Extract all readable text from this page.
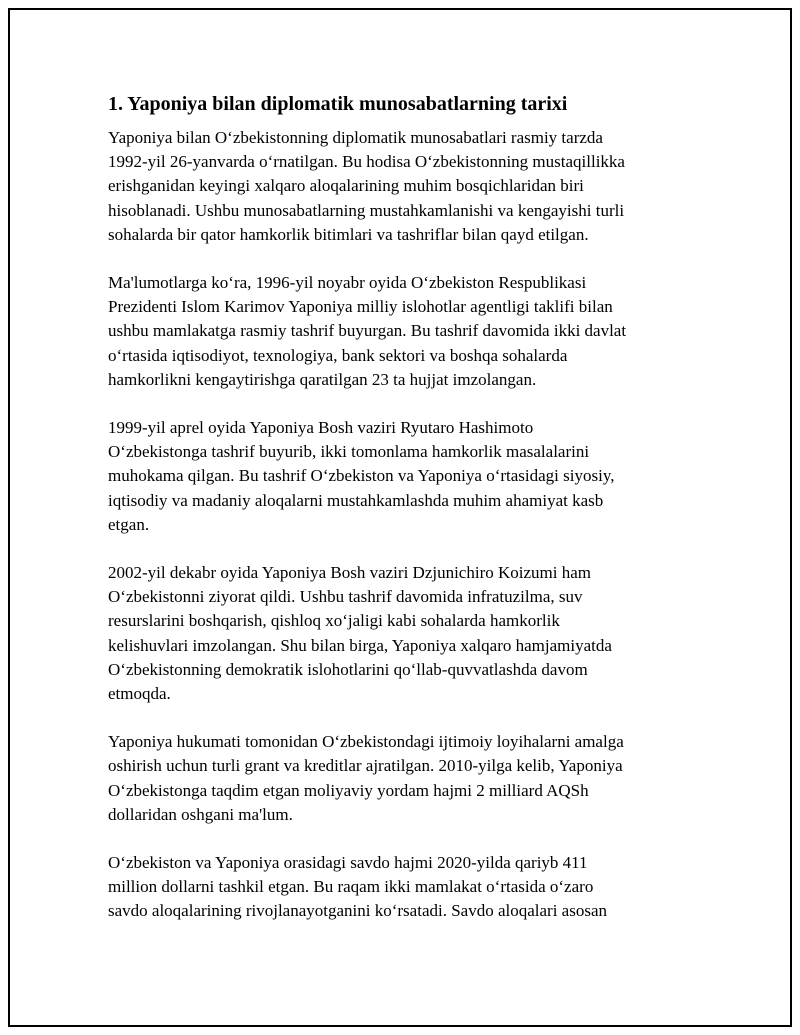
1. Yaponiya bilan diplomatik munosabatlarning tarixi
Yaponiya bilan O‘zbekistonning diplomatik munosabatlari rasmiy tarzda
1992-yil 26-yanvarda o‘rnatilgan. Bu hodisa O‘zbekistonning mustaqillikka
erishganidan keyingi xalqaro aloqalarining muhim bosqichlaridan biri
hisoblanadi. Ushbu munosabatlarning mustahkamlanishi va kengayishi turli
sohalarda bir qator hamkorlik bitimlari va tashriflar bilan qayd etilgan.
Ma'lumotlarga ko‘ra, 1996-yil noyabr oyida O‘zbekiston Respublikasi
Prezidenti Islom Karimov Yaponiya milliy islohotlar agentligi taklifi bilan
ushbu mamlakatga rasmiy tashrif buyurgan. Bu tashrif davomida ikki davlat
o‘rtasida iqtisodiyot, texnologiya, bank sektori va boshqa sohalarda
hamkorlikni kengaytirishga qaratilgan 23 ta hujjat imzolangan.
1999-yil aprel oyida Yaponiya Bosh vaziri Ryutaro Hashimoto
O‘zbekistonga tashrif buyurib, ikki tomonlama hamkorlik masalalarini
muhokama qilgan. Bu tashrif O‘zbekiston va Yaponiya o‘rtasidagi siyosiy,
iqtisodiy va madaniy aloqalarni mustahkamlashda muhim ahamiyat kasb
etgan.
2002-yil dekabr oyida Yaponiya Bosh vaziri Dzjunichiro Koizumi ham
O‘zbekistonni ziyorat qildi. Ushbu tashrif davomida infratuzilma, suv
resurslarini boshqarish, qishloq xo‘jaligi kabi sohalarda hamkorlik
kelishuvlari imzolangan. Shu bilan birga, Yaponiya xalqaro hamjamiyatda
O‘zbekistonning demokratik islohotlarini qo‘llab-quvvatlashda davom
etmoqda.
Yaponiya hukumati tomonidan O‘zbekistondagi ijtimoiy loyihalarni amalga
oshirish uchun turli grant va kreditlar ajratilgan. 2010-yilga kelib, Yaponiya
O‘zbekistonga taqdim etgan moliyaviy yordam hajmi 2 milliard AQSh
dollaridan oshgani ma'lum.
O‘zbekiston va Yaponiya orasidagi savdo hajmi 2020-yilda qariyb 411
million dollarni tashkil etgan. Bu raqam ikki mamlakat o‘rtasida o‘zaro
savdo aloqalarining rivojlanayotganini ko‘rsatadi. Savdo aloqalari asosan
